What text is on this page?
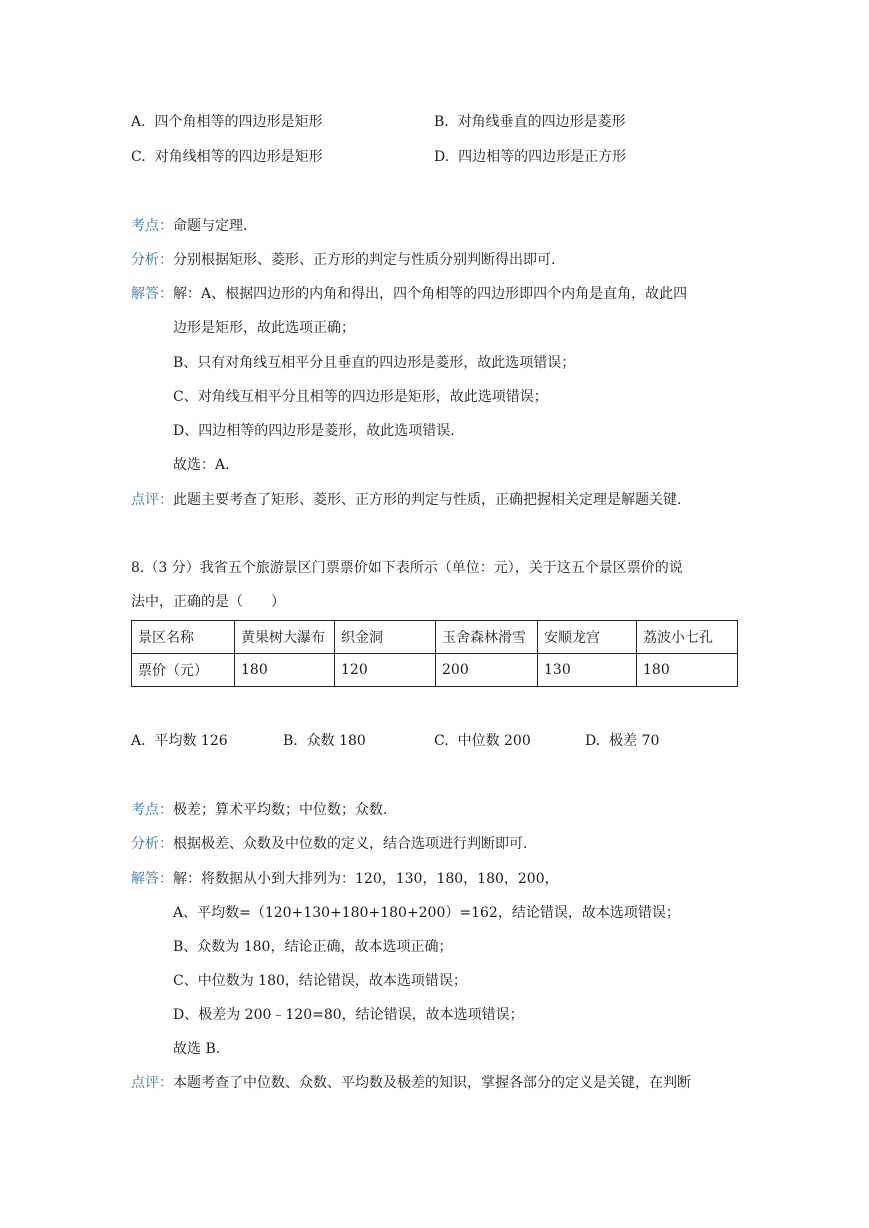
A. 四个角相等的四边形是矩形	B. 对角线垂直的四边形是菱形
C. 对角线相等的四边形是矩形	D. 四边相等的四边形是正方形
考点：命题与定理.
分析：分别根据矩形、菱形、正方形的判定与性质分别判断得出即可.
解答：解：A、根据四边形的内角和得出，四个角相等的四边形即四个内角是直角，故此四
边形是矩形，故此选项正确；
B、只有对角线互相平分且垂直的四边形是菱形，故此选项错误；
C、对角线互相平分且相等的四边形是矩形，故此选项错误；
D、四边相等的四边形是菱形，故此选项错误.
故选：A.
点评：此题主要考查了矩形、菱形、正方形的判定与性质，正确把握相关定理是解题关键.
8.（3 分）我省五个旅游景区门票票价如下表所示（单位：元），关于这五个景区票价的说
法中，正确的是（　　）
景区名称	黄果树大瀑布	织金洞	玉舍森林滑雪	安顺龙宫	荔波小七孔
票价（元）	180	120	200	130	180
A. 平均数 126	B. 众数 180	C. 中位数 200	D. 极差 70
考点：极差；算术平均数；中位数；众数.
分析：根据极差、众数及中位数的定义，结合选项进行判断即可.
解答：解：将数据从小到大排列为：120，130，180，180，200，
A、平均数=（120+130+180+180+200）=162，结论错误，故本选项错误；
B、众数为 180，结论正确，故本选项正确；
C、中位数为 180，结论错误，故本选项错误；
D、极差为 200﹣120=80，结论错误，故本选项错误；
故选 B.
点评：本题考查了中位数、众数、平均数及极差的知识，掌握各部分的定义是关键，在判断
